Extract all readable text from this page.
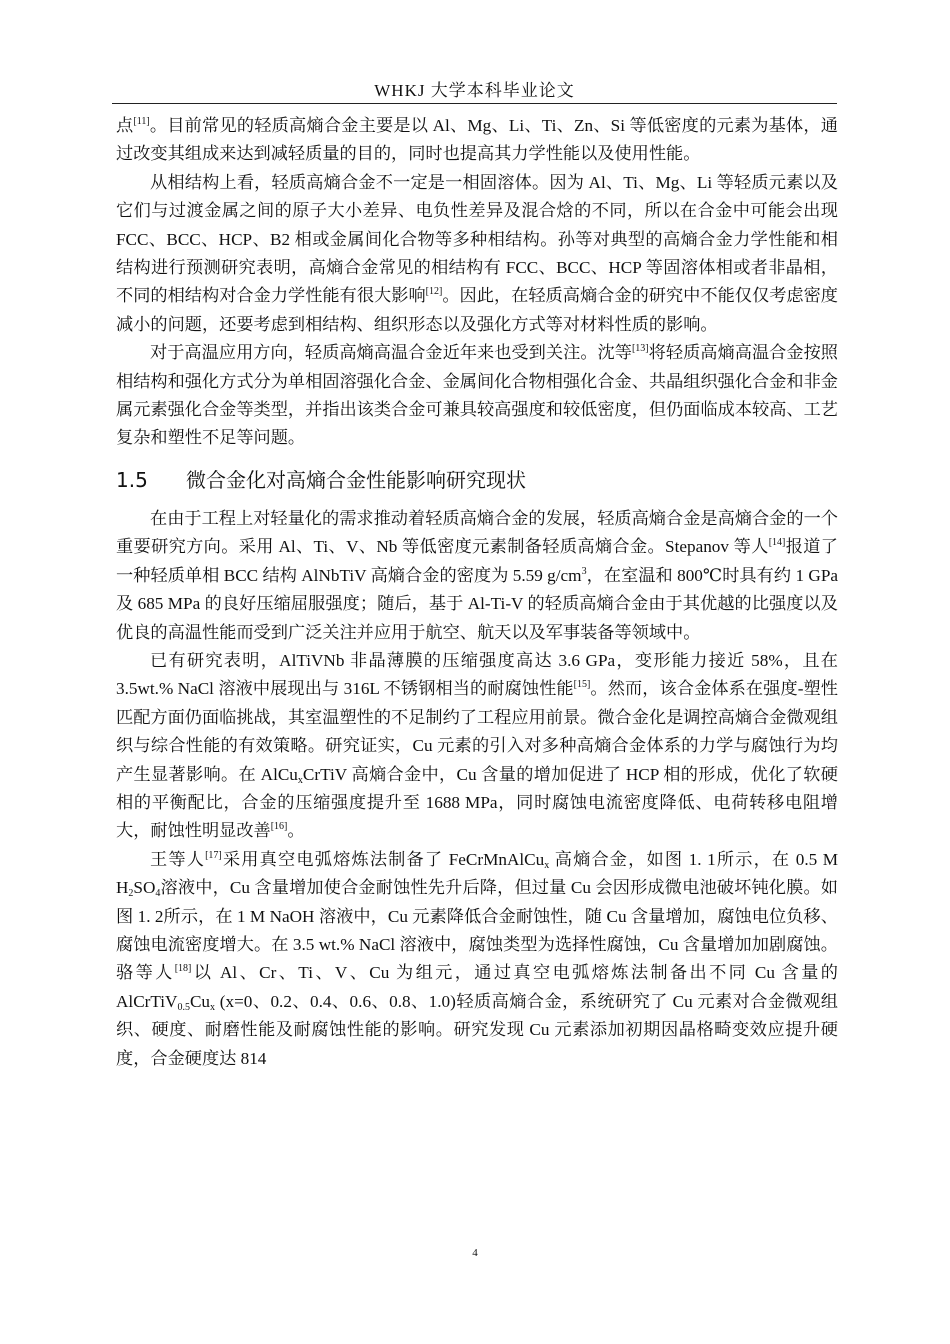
WHKJ 大学本科毕业论文

点[11]。目前常见的轻质高熵合金主要是以 Al、Mg、Li、Ti、Zn、Si 等低密度的元素为基体，通过改变其组成来达到减轻质量的目的，同时也提高其力学性能以及使用性能。

从相结构上看，轻质高熵合金不一定是一相固溶体。因为 Al、Ti、Mg、Li 等轻质元素以及它们与过渡金属之间的原子大小差异、电负性差异及混合焓的不同，所以在合金中可能会出现 FCC、BCC、HCP、B2 相或金属间化合物等多种相结构。孙等对典型的高熵合金力学性能和相结构进行预测研究表明，高熵合金常见的相结构有 FCC、BCC、HCP 等固溶体相或者非晶相，不同的相结构对合金力学性能有很大影响[12]。因此，在轻质高熵合金的研究中不能仅仅考虑密度减小的问题，还要考虑到相结构、组织形态以及强化方式等对材料性质的影响。

对于高温应用方向，轻质高熵高温合金近年来也受到关注。沈等[13]将轻质高熵高温合金按照相结构和强化方式分为单相固溶强化合金、金属间化合物相强化合金、共晶组织强化合金和非金属元素强化合金等类型，并指出该类合金可兼具较高强度和较低密度，但仍面临成本较高、工艺复杂和塑性不足等问题。

1.5 微合金化对高熵合金性能影响研究现状

在由于工程上对轻量化的需求推动着轻质高熵合金的发展，轻质高熵合金是高熵合金的一个重要研究方向。采用 Al、Ti、V、Nb 等低密度元素制备轻质高熵合金。Stepanov 等人[14]报道了一种轻质单相 BCC 结构 AlNbTiV 高熵合金的密度为 5.59 $g/cm^3$，在室温和 800℃时具有约 1 GPa 及 685 MPa 的良好压缩屈服强度；随后，基于 Al-Ti-V 的轻质高熵合金由于其优越的比强度以及优良的高温性能而受到广泛关注并应用于航空、航天以及军事装备等领域中。

已有研究表明，AlTiVNb 非晶薄膜的压缩强度高达 3.6 GPa，变形能力接近 58%，且在 3.5wt.% NaCl 溶液中展现出与 316L 不锈钢相当的耐腐蚀性能[15]。然而，该合金体系在强度-塑性匹配方面仍面临挑战，其室温塑性的不足制约了工程应用前景。微合金化是调控高熵合金微观组织与综合性能的有效策略。研究证实，Cu 元素的引入对多种高熵合金体系的力学与腐蚀行为均产生显著影响。在 AlCu$_x$CrTiV 高熵合金中，Cu 含量的增加促进了 HCP 相的形成，优化了软硬相的平衡配比，合金的压缩强度提升至 1688 MPa，同时腐蚀电流密度降低、电荷转移电阻增大，耐蚀性明显改善[16]。

王等人[17]采用真空电弧熔炼法制备了 FeCrMnAlCu$_x$ 高熵合金，如图 1. 1所示，在 0.5 M $H_2SO_4$溶液中，Cu 含量增加使合金耐蚀性先升后降，但过量 Cu 会因形成微电池破坏钝化膜。如　　　　　图 1. 2所示，在 1 M NaOH 溶液中，Cu 元素降低合金耐蚀性，随 Cu 含量增加，腐蚀电位负移、腐蚀电流密度增大。在 3.5 wt.% NaCl 溶液中，腐蚀类型为选择性腐蚀，Cu 含量增加加剧腐蚀。骆等人[18]以 Al、Cr、Ti、V、Cu 为组元，通过真空电弧熔炼法制备出不同 Cu 含量的 $AlCrTiV_{0.5}Cu_x$ (x=0、0.2、0.4、0.6、0.8、1.0)轻质高熵合金，系统研究了 Cu 元素对合金微观组织、硬度、耐磨性能及耐腐蚀性能的影响。研究发现 Cu 元素添加初期因晶格畸变效应提升硬度，合金硬度达 814

4
